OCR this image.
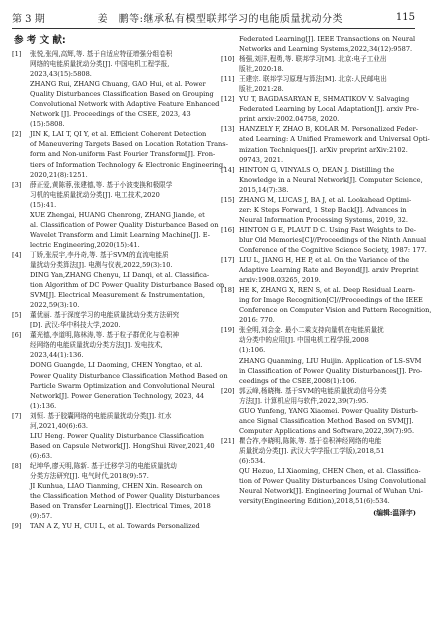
第 3 期	姜　鹏等:继承私有模型联邦学习的电能质量扰动分类	115
参 考 文 献:
[1]	张悦,张闯,高辉,等. 基于自适应特征增强分组卷积
网络的电能质量扰动分类[J]. 中国电机工程学报,
2023,43(15):5808.
ZHANG Rui, ZHANG Chuang, GAO Hui, et al. Power
Quality Disturbances Classification Based on Grouping
Convolutional Network with Adaptive Feature Enhanced
Network [J]. Proceedings of the CSEE, 2023, 43
(15):5808.
[2]	JIN K, LAI T, QI Y, et al. Efficient Coherent Detection
of Maneuvering Targets Based on Location Rotation Trans-
form and Non-uniform Fast Fourier Transform[J]. Fron-
tiers of Information Technology & Electronic Engineering,
2020,21(8):1251.
[3]	薛正爱,黄陈蓉,张建德,等. 基于小波变换和极限学
习机的电能质量扰动分类[J]. 电工技术,2020
(15):41.
XUE Zhengai, HUANG Chenrong, ZHANG Jiande, et
al. Classification of Power Quality Disturbance Based on
Wavelet Transform and Limit Learning Machine[J]. E-
lectric Engineering,2020(15):41.
[4]	丁娇,张辰宇,李丹奇,等. 基于SVM的直流电能质
量扰动分类算法[J]. 电测与仪表,2022,59(3):10.
DING Yan,ZHANG Chenyu, LI Danqi, et al. Classifica-
tion Algorithm of DC Power Quality Disturbance Based on
SVM[J]. Electrical Measurement & Instrumentation,
2022,59(3):10.
[5]	董优丽. 基于深度学习的电能质量扰动分类方法研究
[D]. 武汉:华中科技大学,2020.
[6]	董光德,李道明,陈林涛,等. 基于粒子群优化与卷积神
经网络的电能质量扰动分类方法[J]. 发电技术,
2023,44(1):136.
DONG Guangde, LI Daoming, CHEN Yongtao, et al.
Power Quality Disturbance Classification Method Based on
Particle Swarm Optimization and Convolutional Neural
Network[J]. Power Generation Technology, 2023, 44
(1):136.
[7]	刘恒. 基于胶囊网络的电能质量扰动分类[J]. 红水
河,2021,40(6):63.
LIU Heng. Power Quality Disturbance Classification
Based on Capsule Network[J]. HongShui River,2021,40
(6):63.
[8]	纪坤华,廖天明,陈新. 基于迁移学习的电能质量扰动
分类方法研究[J]. 电气时代,2018(9):57.
JI Kunhua, LIAO Tianming, CHEN Xin. Research on
the Classification Method of Power Quality Disturbances
Based on Transfer Learning[J]. Electrical Times, 2018
(9):57.
[9]	TAN A Z, YU H, CUI L, et al. Towards Personalized
Federated Learning[J]. IEEE Transactions on Neural
Networks and Learning Systems,2022,34(12):9587.
[10] 杨强,刘洋,程勇,等. 联邦学习[M]. 北京:电子工业出
版社,2020:18.
[11] 王建宗. 联邦学习原理与算法[M]. 北京:人民邮电出
版社,2021:28.
[12] YU T, BAGDASARYAN E, SHMATIKOV V. Salvaging
Federated Learning by Local Adaptation[J]. arxiv Pre-
print arxiv:2002.04758, 2020.
[13] HANZELY F, ZHAO B, KOLAR M. Personalized Feder-
ated Learning: A Unified Framework and Universal Opti-
mization Techniques[J]. arXiv preprint arXiv:2102.
09743, 2021.
[14] HINTON G, VINYALS O, DEAN J. Distilling the
Knowledge in a Neural Network[J]. Computer Science,
2015,14(7):38.
[15] ZHANG M, LUCAS J, BA J, et al. Lookahead Optimi-
zer: K Steps Forward, 1 Step Back[J]. Advances in
Neural Information Processing Systems, 2019, 32.
[16] HINTON G E, PLAUT D C. Using Fast Weights to De-
blur Old Memories[C]//Proceedings of the Ninth Annual
Conference of the Cognitive Science Society, 1987: 177.
[17] LIU L, JIANG H, HE P, et al. On the Variance of the
Adaptive Learning Rate and Beyond[J]. arxiv Preprint
arxiv:1908.03265, 2019.
[18] HE K, ZHANG X, REN S, et al. Deep Residual Learn-
ing for Image Recognition[C]//Proceedings of the IEEE
Conference on Computer Vision and Pattern Recognition,
2016: 770.
[19] 张全明,刘会金. 最小二乘支持向量机在电能质量扰
动分类中的应用[J]. 中国电机工程学报,2008
(1):106.
ZHANG Quanming, LIU Huijin. Application of LS-SVM
in Classification of Power Quality Disturbances[J]. Pro-
ceedings of the CSEE,2008(1):106.
[20] 郭云峰,杨晓梅. 基于SVM的电能质量扰动信号分类
方法[J]. 计算机应用与软件,2022,39(7):95.
GUO Yunfeng, YANG Xiaomei. Power Quality Disturb-
ance Signal Classification Method Based on SVM[J].
Computer Applications and Software,2022,39(7):95.
[21] 瞿合祚,李晓明,陈陈,等. 基于卷积神经网络的电能
质量扰动分类[J]. 武汉大学学报(工学版),2018,51
(6):534.
QU Hezuo, LI Xiaoming, CHEN Chen, et al. Classifica-
tion of Power Quality Disturbances Using Convolutional
Neural Network[J]. Engineering Journal of Wuhan Uni-
versity(Engineering Edition),2018,51(6):534.
(编辑:温泽宇)
